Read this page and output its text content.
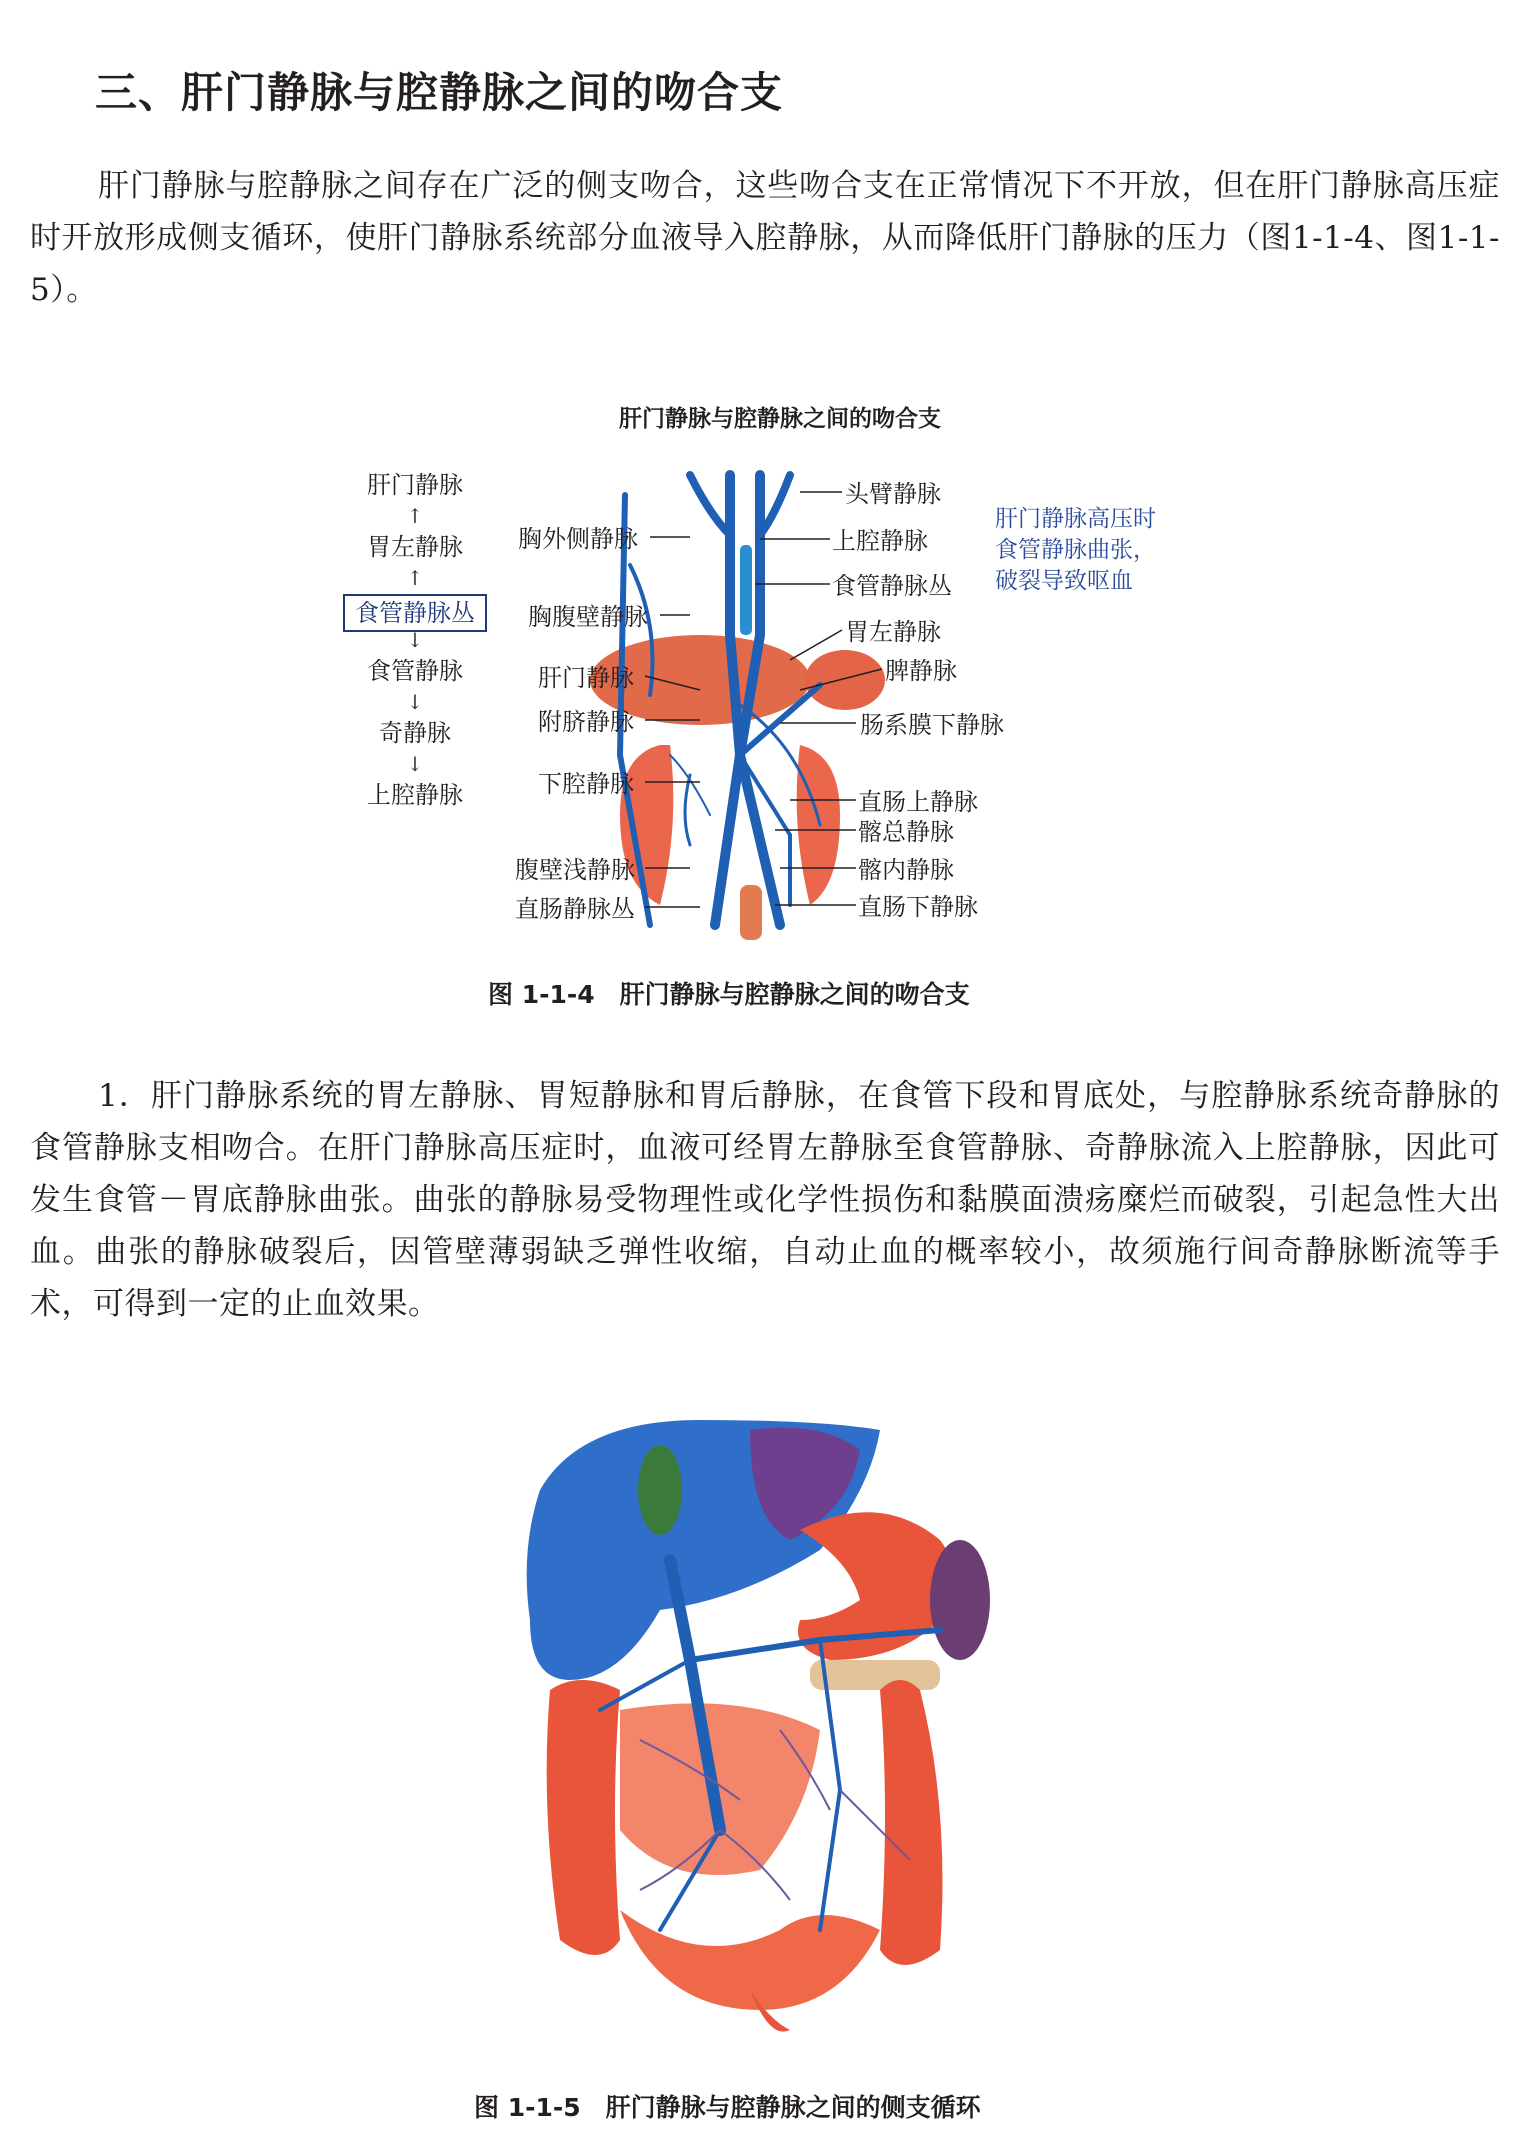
三、肝门静脉与腔静脉之间的吻合支
肝门静脉与腔静脉之间存在广泛的侧支吻合，这些吻合支在正常情况下不开放，但在肝门静脉高压症时开放形成侧支循环，使肝门静脉系统部分血液导入腔静脉，从而降低肝门静脉的压力（图1-1-4、图1-1-5）。
肝门静脉与腔静脉之间的吻合支
肝门静脉
↑
胃左静脉
↑
食管静脉丛
↓
食管静脉
↓
奇静脉
↓
上腔静脉
胸外侧静脉
胸腹壁静脉
肝门静脉
附脐静脉
下腔静脉
腹壁浅静脉
直肠静脉丛
头臂静脉
上腔静脉
食管静脉丛
胃左静脉
脾静脉
肠系膜下静脉
直肠上静脉
髂总静脉
髂内静脉
直肠下静脉
肝门静脉高压时
食管静脉曲张，
破裂导致呕血
图 1-1-4　肝门静脉与腔静脉之间的吻合支
1．肝门静脉系统的胃左静脉、胃短静脉和胃后静脉，在食管下段和胃底处，与腔静脉系统奇静脉的食管静脉支相吻合。在肝门静脉高压症时，血液可经胃左静脉至食管静脉、奇静脉流入上腔静脉，因此可发生食管－胃底静脉曲张。曲张的静脉易受物理性或化学性损伤和黏膜面溃疡糜烂而破裂，引起急性大出血。曲张的静脉破裂后，因管壁薄弱缺乏弹性收缩，自动止血的概率较小，故须施行间奇静脉断流等手术，可得到一定的止血效果。
图 1-1-5　肝门静脉与腔静脉之间的侧支循环
